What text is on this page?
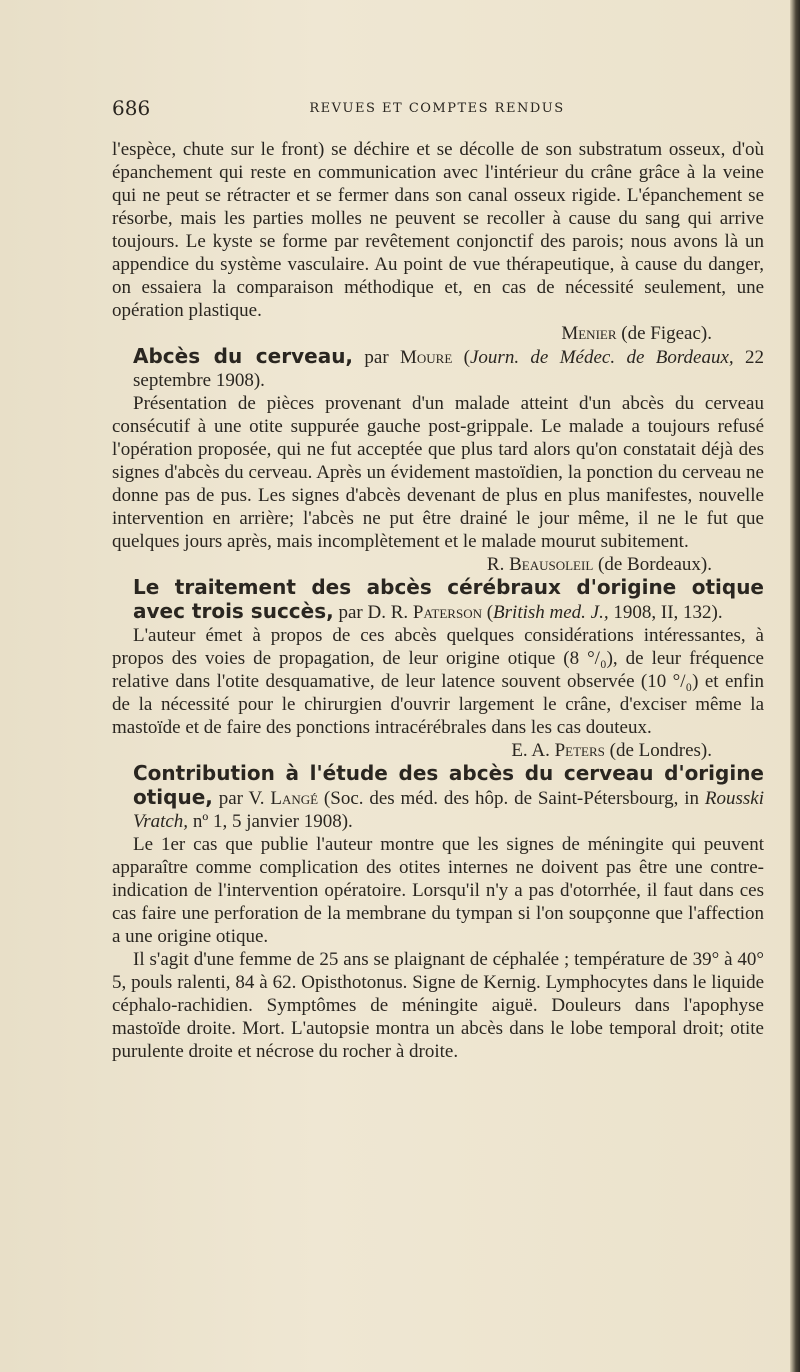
686	REVUES ET COMPTES RENDUS

l'espèce, chute sur le front) se déchire et se décolle de son substratum osseux, d'où épanchement qui reste en communication avec l'intérieur du crâne grâce à la veine qui ne peut se rétracter et se fermer dans son canal osseux rigide. L'épanchement se résorbe, mais les parties molles ne peuvent se recoller à cause du sang qui arrive toujours. Le kyste se forme par revêtement conjonctif des parois; nous avons là un appendice du système vasculaire. Au point de vue thérapeutique, à cause du danger, on essaiera la comparaison méthodique et, en cas de nécessité seulement, une opération plastique.

Menier (de Figeac).

Abcès du cerveau, par Moure (Journ. de Médec. de Bordeaux, 22 septembre 1908).

Présentation de pièces provenant d'un malade atteint d'un abcès du cerveau consécutif à une otite suppurée gauche post-grippale. Le malade a toujours refusé l'opération proposée, qui ne fut acceptée que plus tard alors qu'on constatait déjà des signes d'abcès du cerveau. Après un évidement mastoïdien, la ponction du cerveau ne donne pas de pus. Les signes d'abcès devenant de plus en plus manifestes, nouvelle intervention en arrière; l'abcès ne put être drainé le jour même, il ne le fut que quelques jours après, mais incomplètement et le malade mourut subitement.

R. Beausoleil (de Bordeaux).

Le traitement des abcès cérébraux d'origine otique avec trois succès, par D. R. Paterson (British med. J., 1908, II, 132).

L'auteur émet à propos de ces abcès quelques considérations intéressantes, à propos des voies de propagation, de leur origine otique (8 °/₀), de leur fréquence relative dans l'otite desquamative, de leur latence souvent observée (10 °/₀) et enfin de la nécessité pour le chirurgien d'ouvrir largement le crâne, d'exciser même la mastoïde et de faire des ponctions intracérébrales dans les cas douteux.

E. A. Peters (de Londres).

Contribution à l'étude des abcès du cerveau d'origine otique, par V. Langé (Soc. des méd. des hôp. de Saint-Pétersbourg, in Rousski Vratch, nº 1, 5 janvier 1908).

Le 1er cas que publie l'auteur montre que les signes de méningite qui peuvent apparaître comme complication des otites internes ne doivent pas être une contre-indication de l'intervention opératoire. Lorsqu'il n'y a pas d'otorrhée, il faut dans ces cas faire une perforation de la membrane du tympan si l'on soupçonne que l'affection a une origine otique.

Il s'agit d'une femme de 25 ans se plaignant de céphalée ; température de 39° à 40° 5, pouls ralenti, 84 à 62. Opisthotonus. Signe de Kernig. Lymphocytes dans le liquide céphalo-rachidien. Symptômes de méningite aiguë. Douleurs dans l'apophyse mastoïde droite. Mort. L'autopsie montra un abcès dans le lobe temporal droit; otite purulente droite et nécrose du rocher à droite.
